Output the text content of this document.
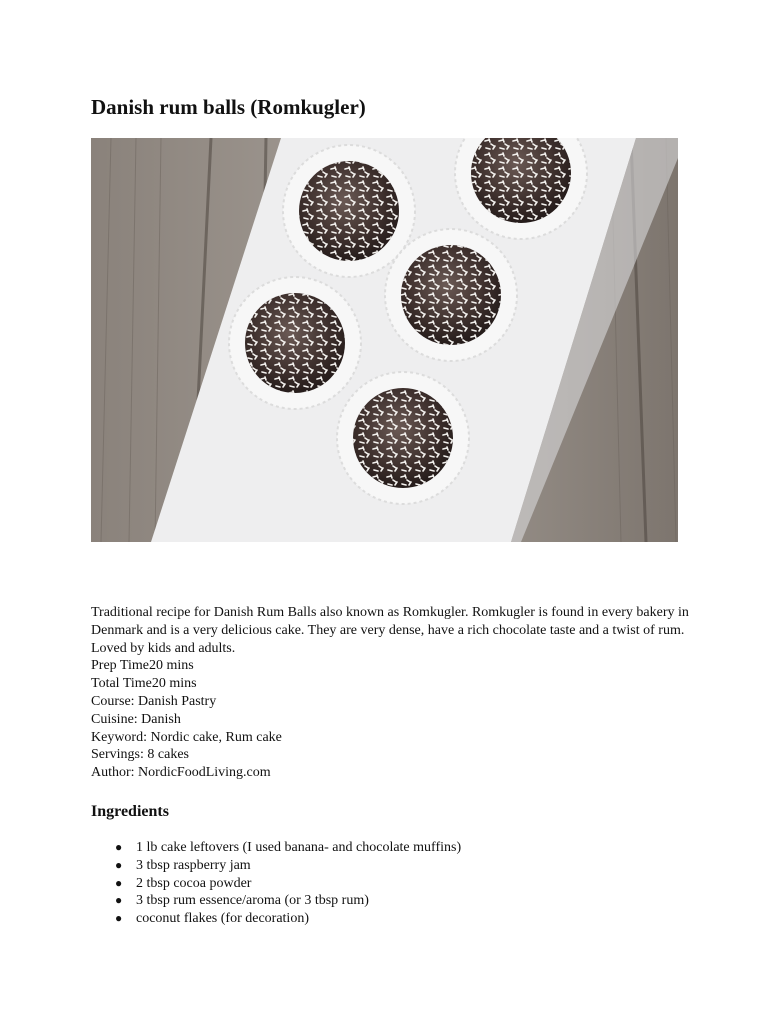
Danish rum balls (Romkugler)

Traditional recipe for Danish Rum Balls also known as Romkugler. Romkugler is found in every bakery in Denmark and is a very delicious cake. They are very dense, have a rich chocolate taste and a twist of rum. Loved by kids and adults.

Prep Time20 mins
Total Time20 mins
Course: Danish Pastry
Cuisine: Danish
Keyword: Nordic cake, Rum cake
Servings: 8 cakes
Author: NordicFoodLiving.com
Ingredients
● 1 lb cake leftovers (I used banana- and chocolate muffins)
● 3 tbsp raspberry jam
● 2 tbsp cocoa powder
● 3 tbsp rum essence/aroma (or 3 tbsp rum)
● coconut flakes (for decoration)
